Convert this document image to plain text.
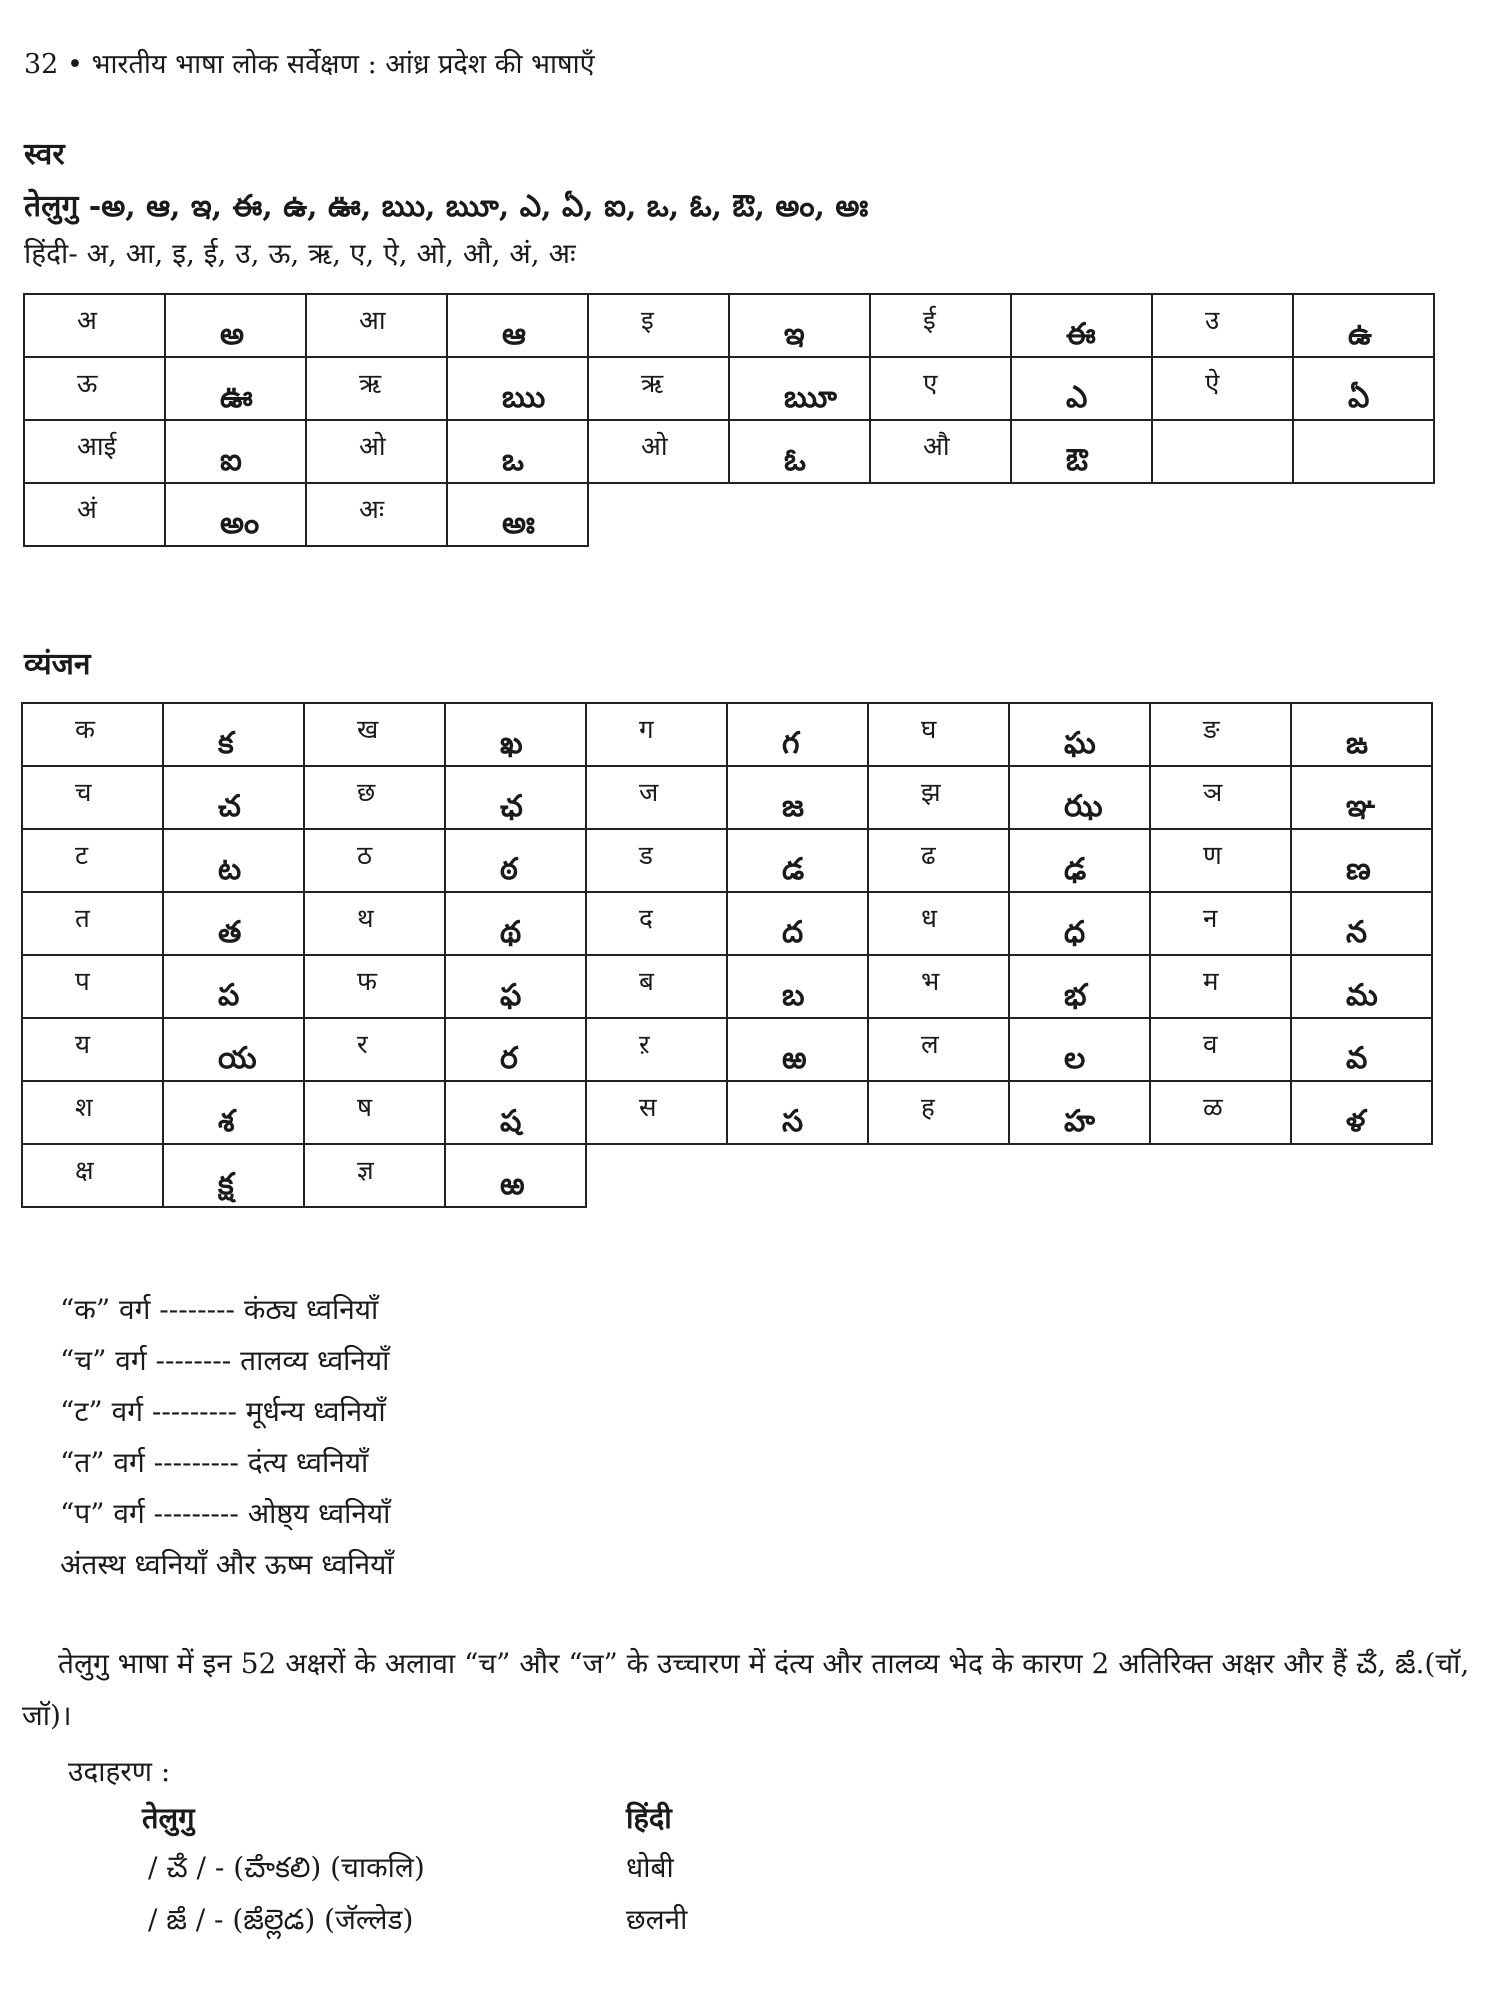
32 • भारतीय भाषा लोक सर्वेक्षण : आंध्र प्रदेश की भाषाएँ
स्वर
तेलुगु -అ, ఆ, ఇ, ఈ, ఉ, ఊ, ఋ, ౠ, ఎ, ఏ, ఐ, ఒ, ఓ, ఔ, అం, అః
हिंदी- अ, आ, इ, ई, उ, ऊ, ऋ, ए, ऐ, ओ, औ, अं, अः
अ	అ	आ	ఆ	इ	ఇ	ई	ఈ	उ	ఉ

ऊ	ఊ	ऋ	ఋ	ऋ	ౠ	ए	ఎ	ऐ	ఏ

आई	ఐ	ओ	ఒ	ओ	ఓ	औ	ఔ		

अं	అం	अः	అః						

व्यंजन
क	క	ख	ఖ	ग	గ	घ	ఘ	ङ	ఙ

च	చ	छ	ఛ	ज	జ	झ	ఝ	ञ	ఞ

ट	ట	ठ	ఠ	ड	డ	ढ	ఢ	ण	ణ

त	త	थ	థ	द	ద	ध	ధ	न	న

प	ప	फ	ఫ	ब	బ	भ	భ	म	మ

य	య	र	ర	ऱ	ఱ	ल	ల	व	వ

श	శ	ष	ష	स	స	ह	హ	ळ	ళ

क्ष	క్ష	ज्ञ	ఱ						

“क” वर्ग -------- कंठ्य ध्वनियाँ
“च” वर्ग -------- तालव्य ध्वनियाँ
“ट” वर्ग --------- मूर्धन्य ध्वनियाँ
“त” वर्ग --------- दंत्य ध्वनियाँ
“प” वर्ग --------- ओष्ठ्य ध्वनियाँ
अंतस्थ ध्वनियाँ और ऊष्म ध्वनियाँ
तेलुगु भाषा में इन 52 अक्षरों के अलावा “च” और “ज” के उच्चारण में दंत्य और तालव्य भेद के कारण 2 अतिरिक्त अक्षर और हैं ౘ, ౙ.(चॉ, जॉ)।
उदाहरण :
तेलुगु	हिंदी
/ ౘ / - (ౘాకలి) (चाकलि)	धोबी
/ ౙ / - (ౙల్లెడ) (जॅल्लेड)	छलनी
